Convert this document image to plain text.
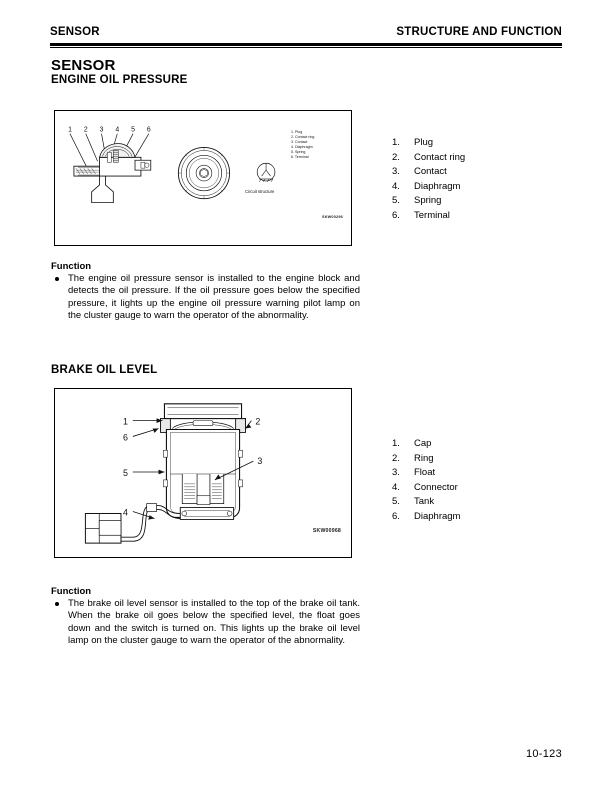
SENSOR	STRUCTURE AND FUNCTION
SENSOR
ENGINE OIL PRESSURE
1 2 3 4 5 6	1. Plug
2. Contact ring
3. Contact
4. Diaphragm
5. Spring
6. Terminal
Circuit structure
SKW00296
1.	Plug
2.	Contact ring
3.	Contact
4.	Diaphragm
5.	Spring
6.	Terminal
Function
The engine oil pressure sensor is installed to the engine block and detects the oil pressure. If the oil pressure goes below the specified pressure, it lights up the engine oil pressure warning pilot lamp on the cluster gauge to warn the operator of the abnormality.
BRAKE OIL LEVEL
1	2
3
4
5
6
SKW00968
1.	Cap
2.	Ring
3.	Float
4.	Connector
5.	Tank
6.	Diaphragm
Function
The brake oil level sensor is installed to the top of the brake oil tank. When the brake oil goes below the specified level, the float goes down and the switch is turned on. This lights up the brake oil level lamp on the cluster gauge to warn the operator of the abnormality.
10-123
